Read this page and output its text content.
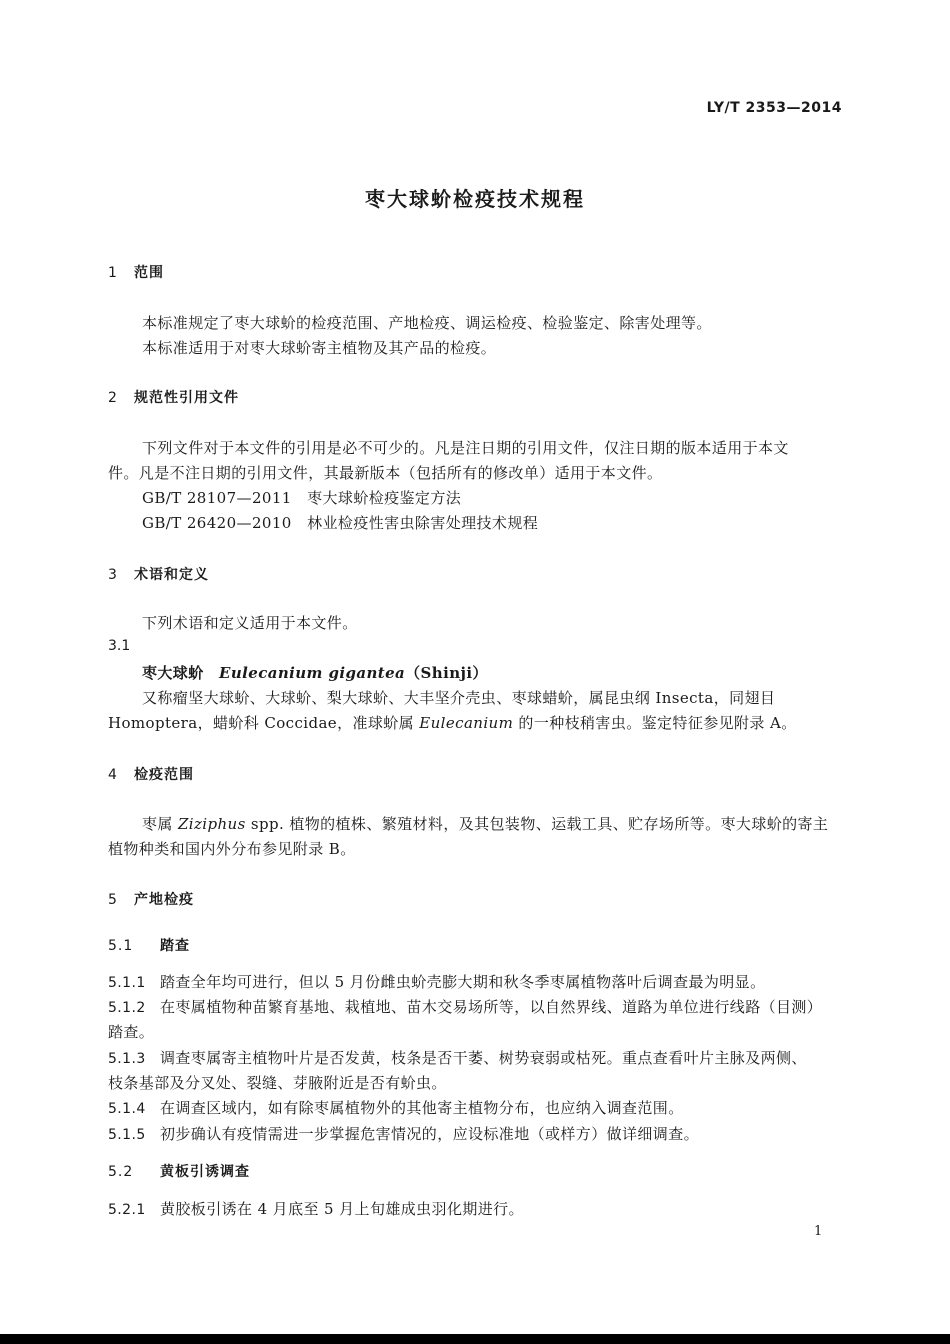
LY/T 2353—2014
枣大球蚧检疫技术规程
1 范围
本标准规定了枣大球蚧的检疫范围、产地检疫、调运检疫、检验鉴定、除害处理等。
本标准适用于对枣大球蚧寄主植物及其产品的检疫。
2 规范性引用文件
下列文件对于本文件的引用是必不可少的。凡是注日期的引用文件，仅注日期的版本适用于本文
件。凡是不注日期的引用文件，其最新版本（包括所有的修改单）适用于本文件。
GB/T 28107—2011　枣大球蚧检疫鉴定方法
GB/T 26420—2010　林业检疫性害虫除害处理技术规程
3 术语和定义
下列术语和定义适用于本文件。
3.1
枣大球蚧　 Eulecanium gigantea（Shinji）
又称瘤坚大球蚧、大球蚧、梨大球蚧、大丰坚介壳虫、枣球蜡蚧，属昆虫纲 Insecta，同翅目
Homoptera，蜡蚧科 Coccidae，准球蚧属 Eulecanium 的一种枝稍害虫。鉴定特征参见附录 A。
4 检疫范围
枣属 Ziziphus spp. 植物的植株、繁殖材料，及其包装物、运载工具、贮存场所等。枣大球蚧的寄主
植物种类和国内外分布参见附录 B。
5 产地检疫
5.1 踏查
5.1.1 踏查全年均可进行，但以 5 月份雌虫蚧壳膨大期和秋冬季枣属植物落叶后调查最为明显。
5.1.2 在枣属植物种苗繁育基地、栽植地、苗木交易场所等，以自然界线、道路为单位进行线路（目测）
踏查。
5.1.3 调查枣属寄主植物叶片是否发黄，枝条是否干萎、树势衰弱或枯死。重点查看叶片主脉及两侧、
枝条基部及分叉处、裂缝、芽腋附近是否有蚧虫。
5.1.4 在调查区域内，如有除枣属植物外的其他寄主植物分布，也应纳入调查范围。
5.1.5 初步确认有疫情需进一步掌握危害情况的，应设标准地（或样方）做详细调查。
5.2 黄板引诱调查
5.2.1 黄胶板引诱在 4 月底至 5 月上旬雄成虫羽化期进行。
1
